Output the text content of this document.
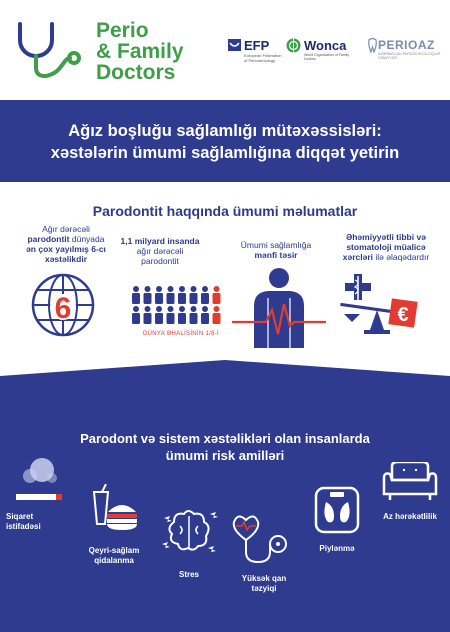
Perio
& Family
Doctors
EFP
European Federation of Periodontology
Wonca
World Organization of Family Doctors
PERIOAZ
AZƏRBAYCAN PERİODONTOLOQLAR CƏMİYYƏTİ
Ağız boşluğu sağlamlığı mütəxəssisləri:
xəstələrin ümumi sağlamlığına diqqət yetirin
Parodontit haqqında ümumi məlumatlar
Ağır dərəcəli
parodontit dünyada
ən çox yayılmış 6-cı
xəstəlikdir
1,1 milyard insanda
ağır dərəcəli
parodontit
Ümumi sağlamlığa
mənfi təsir
Əhəmiyyətli tibbi və
stomatoloji müalicə
xərcləri ilə əlaqədardır
6
DÜNYA ƏHALİSİNİN 1/8-İ
€
Parodont və sistem xəstəlikləri olan insanlarda
ümumi risk amilləri
Siqaret
istifadəsi
Qeyri-sağlam
qidalanma
Stres	Yüksək qan
təzyiqi
Piylənmə
Az hərəkətlilik
